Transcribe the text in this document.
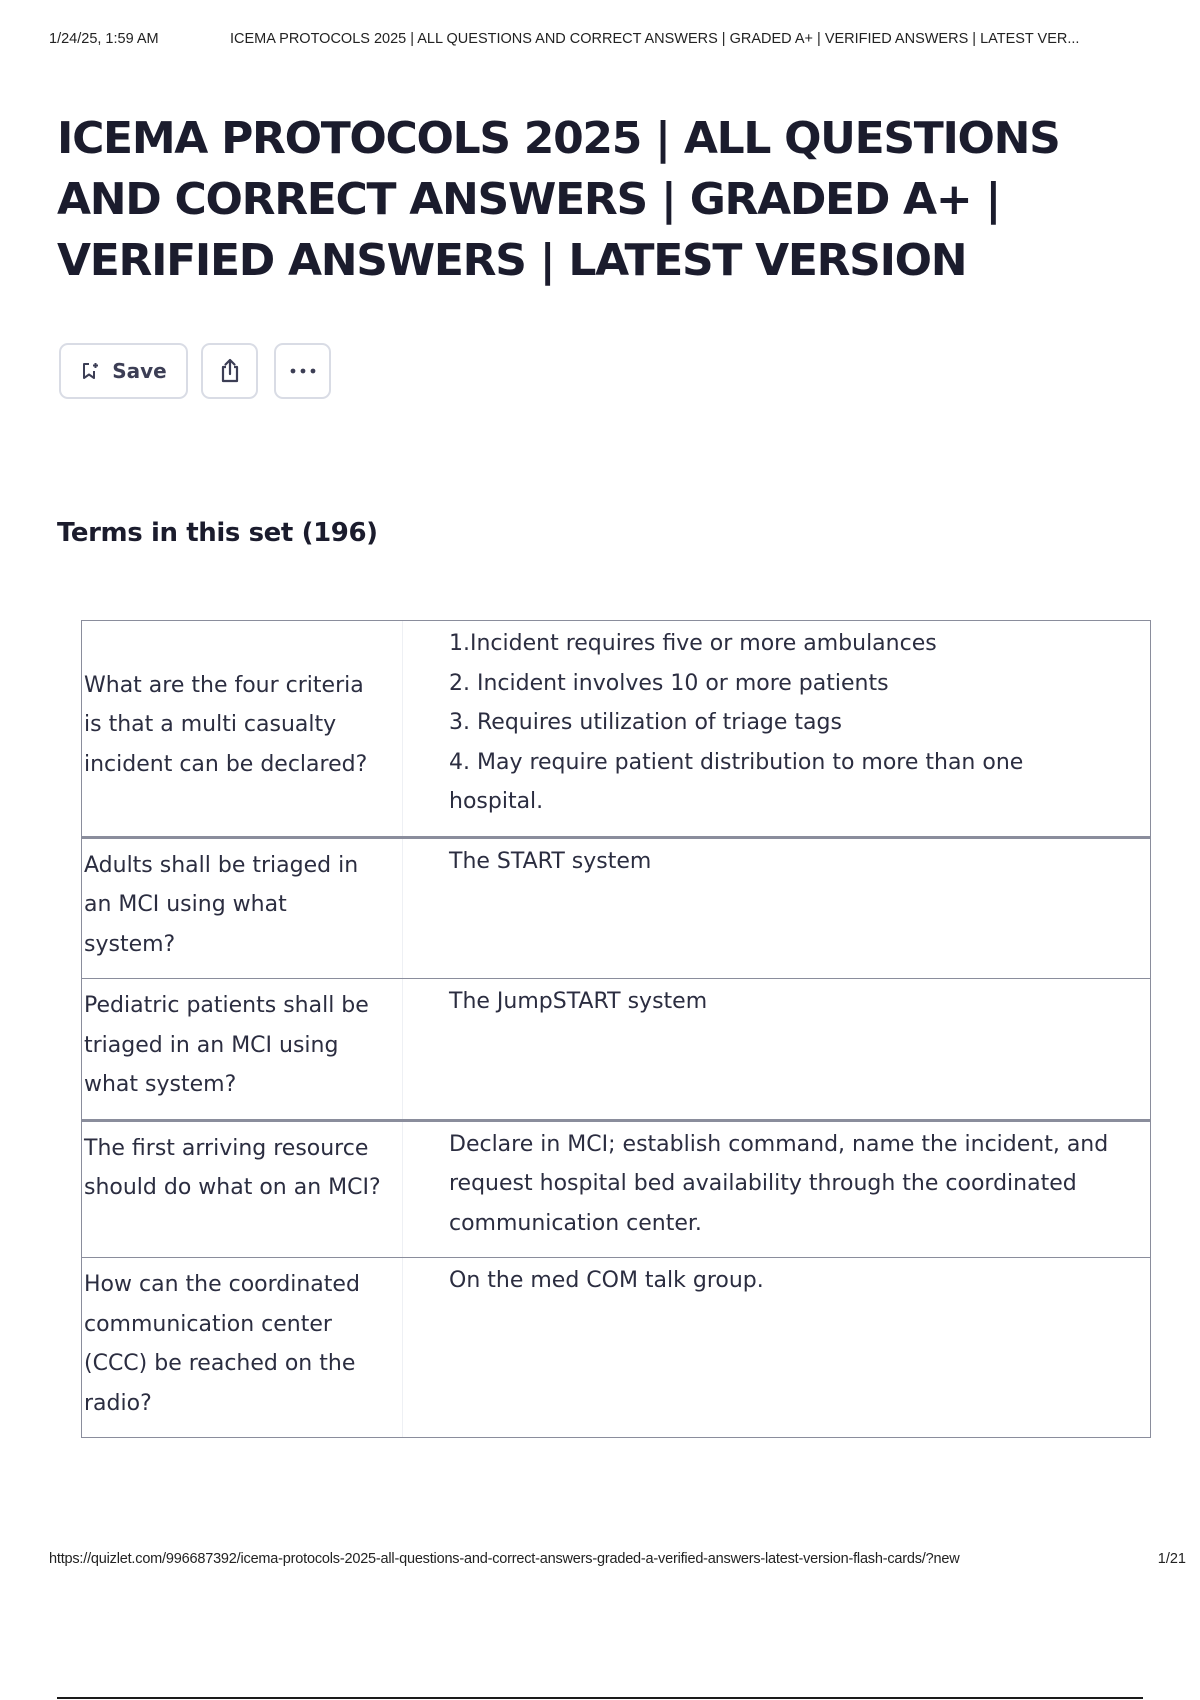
1/24/25, 1:59 AM	ICEMA PROTOCOLS 2025 | ALL QUESTIONS AND CORRECT ANSWERS | GRADED A+ | VERIFIED ANSWERS | LATEST VER...
ICEMA PROTOCOLS 2025 | ALL QUESTIONS AND CORRECT ANSWERS | GRADED A+ | VERIFIED ANSWERS | LATEST VERSION
Save
Terms in this set (196)
What are the four criteria is that a multi casualty incident can be declared?
1.Incident requires five or more ambulances
2. Incident involves 10 or more patients
3. Requires utilization of triage tags
4. May require patient distribution to more than one hospital.
Adults shall be triaged in an MCI using what system?
The START system
Pediatric patients shall be triaged in an MCI using what system?
The JumpSTART system
The first arriving resource should do what on an MCI?
Declare in MCI; establish command, name the incident, and request hospital bed availability through the coordinated communication center.
How can the coordinated communication center (CCC) be reached on the radio?
On the med COM talk group.
https://quizlet.com/996687392/icema-protocols-2025-all-questions-and-correct-answers-graded-a-verified-answers-latest-version-flash-cards/?new	1/21
